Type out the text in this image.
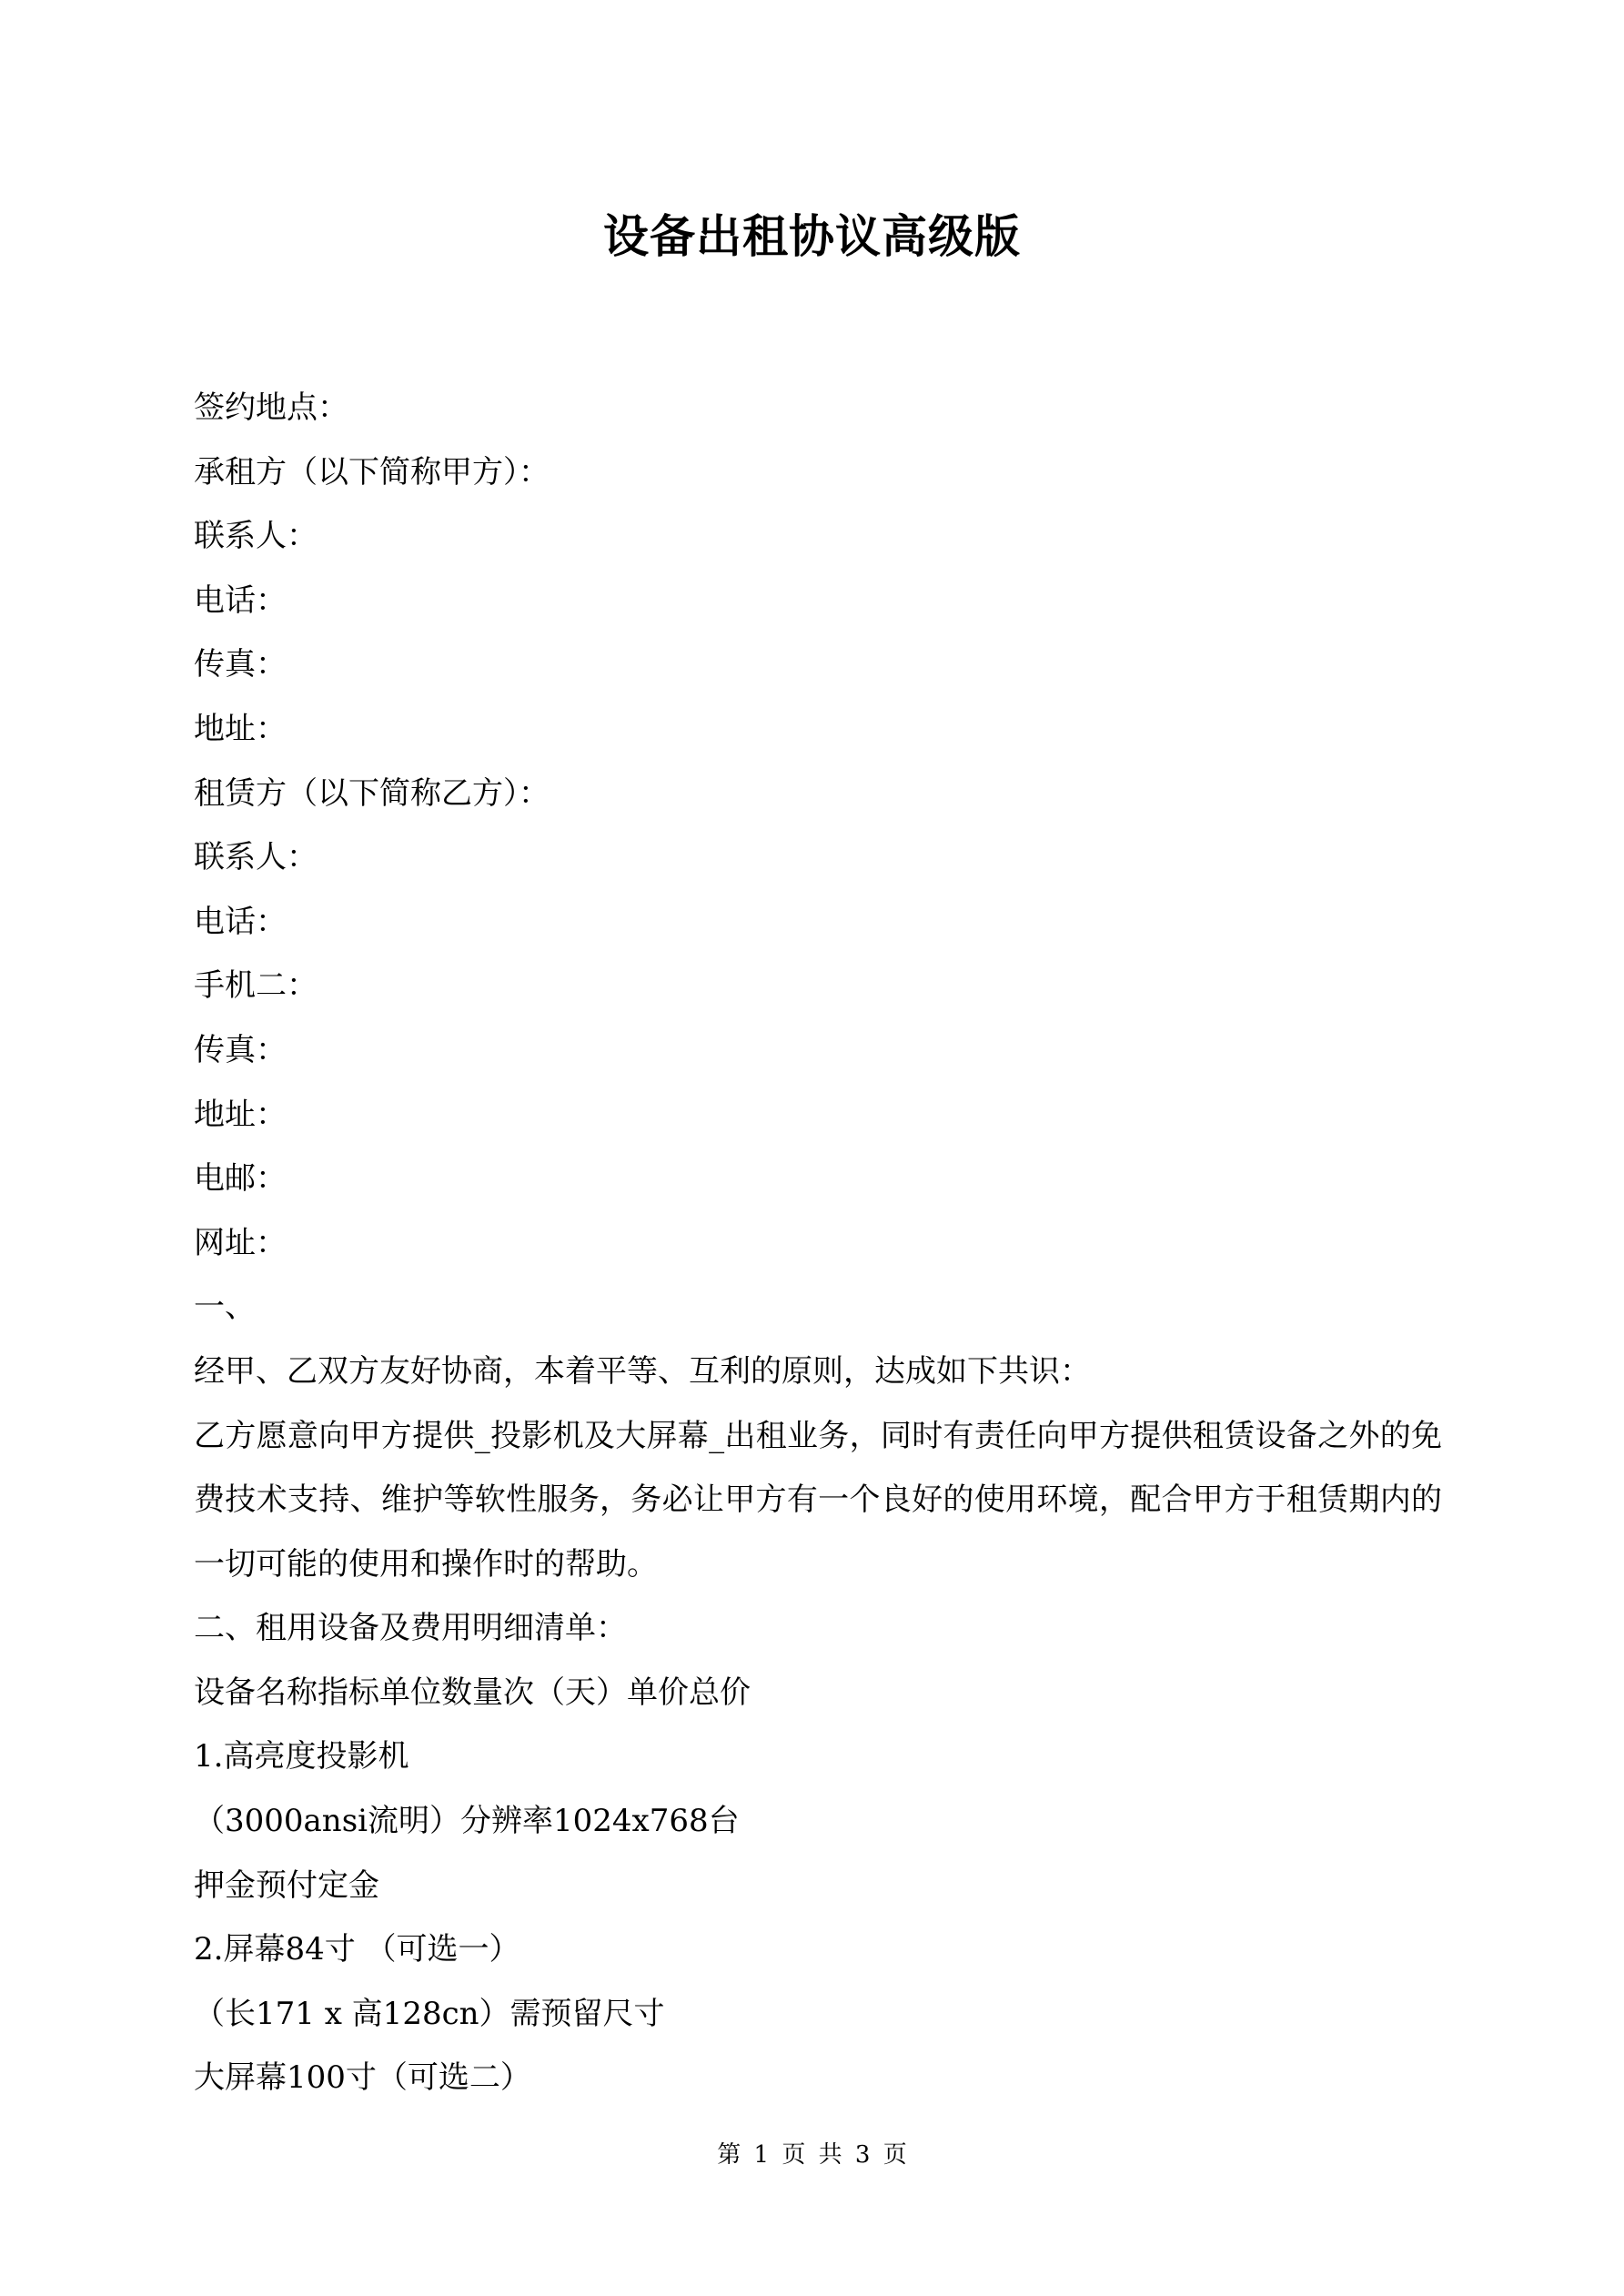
设备出租协议高级版
签约地点：
承租方（以下简称甲方）：
联系人：
电话：
传真：
地址：
租赁方（以下简称乙方）：
联系人：
电话：
手机二：
传真：
地址：
电邮：
网址：
一、
经甲、乙双方友好协商，本着平等、互利的原则，达成如下共识：
乙方愿意向甲方提供_投影机及大屏幕_出租业务，同时有责任向甲方提供租赁设备之外的免费技术支持、维护等软性服务，务必让甲方有一个良好的使用环境，配合甲方于租赁期内的一切可能的使用和操作时的帮助。
二、租用设备及费用明细清单：
设备名称指标单位数量次（天）单价总价
1.高亮度投影机
（3000ansi流明）分辨率1024x768台
押金预付定金
2.屏幕84寸 （可选一）
（长171 x 高128cn）需预留尺寸
大屏幕100寸（可选二）
第 1 页 共 3 页
